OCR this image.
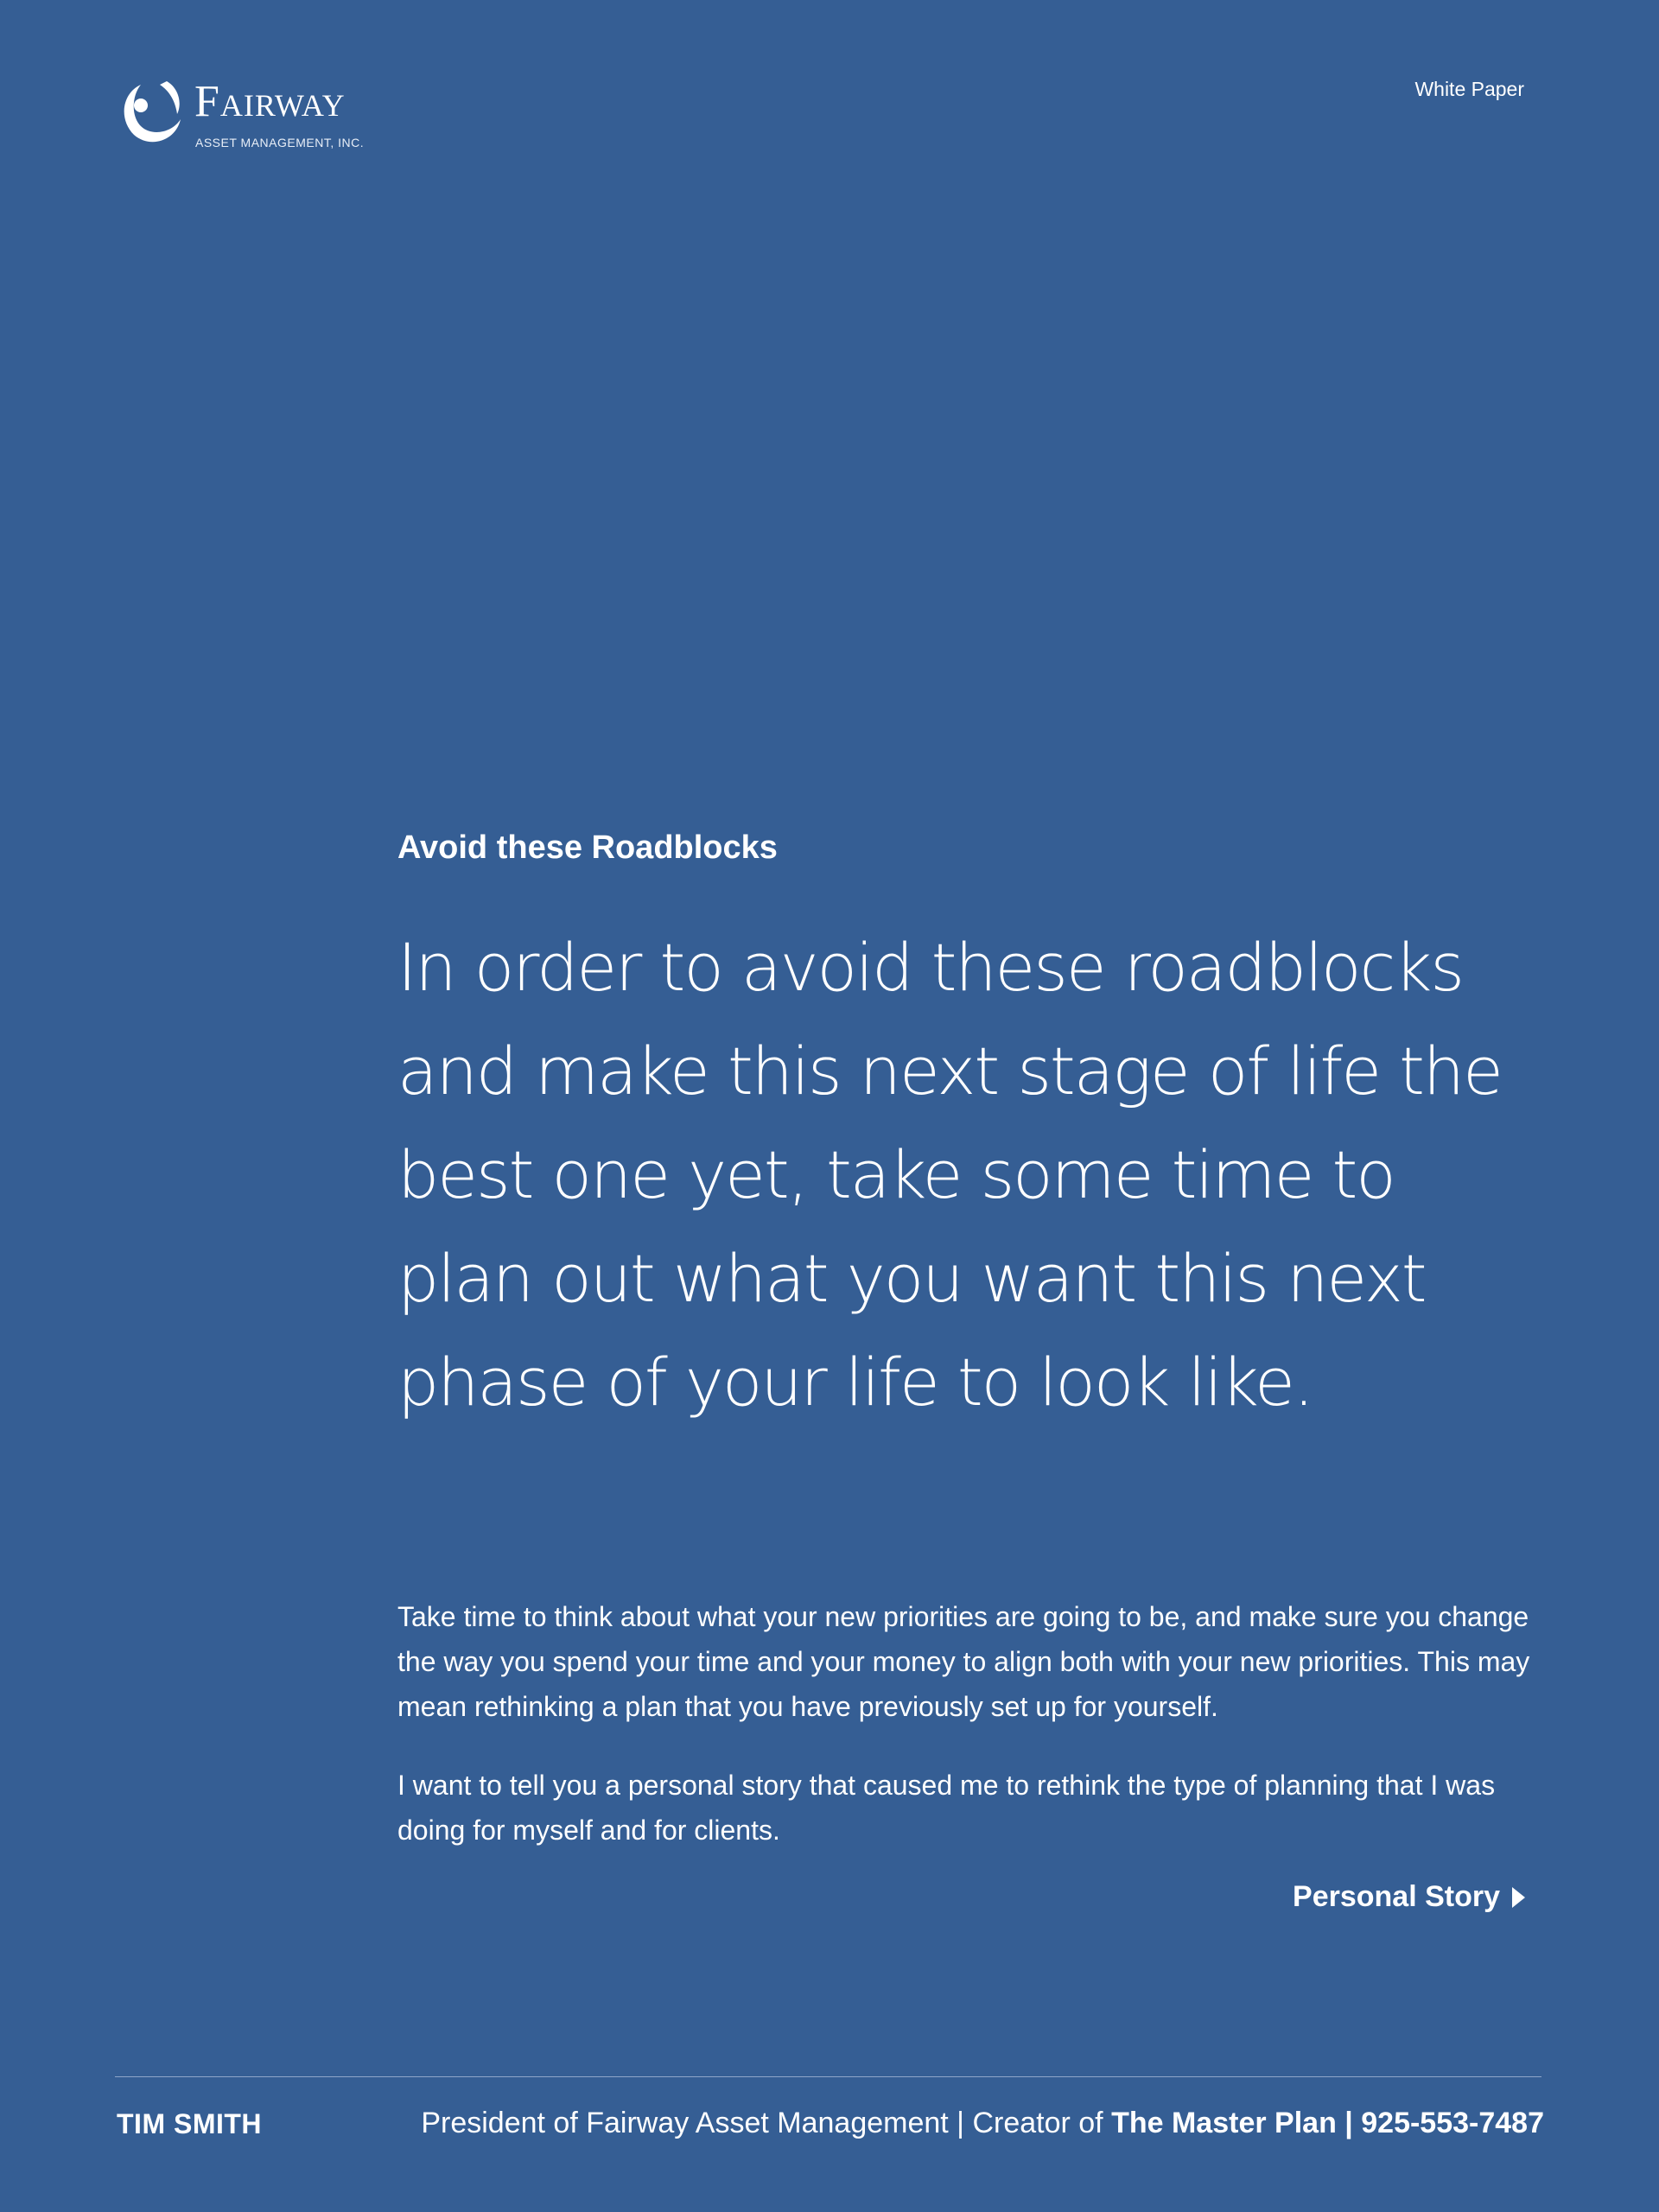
Fairway
ASSET MANAGEMENT, INC.
White Paper
Avoid these Roadblocks

In order to avoid these roadblocks and make this next stage of life the best one yet, take some time to plan out what you want this next phase of your life to look like.

Take time to think about what your new priorities are going to be, and make sure you change the way you spend your time and your money to align both with your new priorities. This may mean rethinking a plan that you have previously set up for yourself.

I want to tell you a personal story that caused me to rethink the type of planning that I was doing for myself and for clients.

Personal Story
TIM SMITH	President of Fairway Asset Management | Creator of The Master Plan | 925-553-7487
